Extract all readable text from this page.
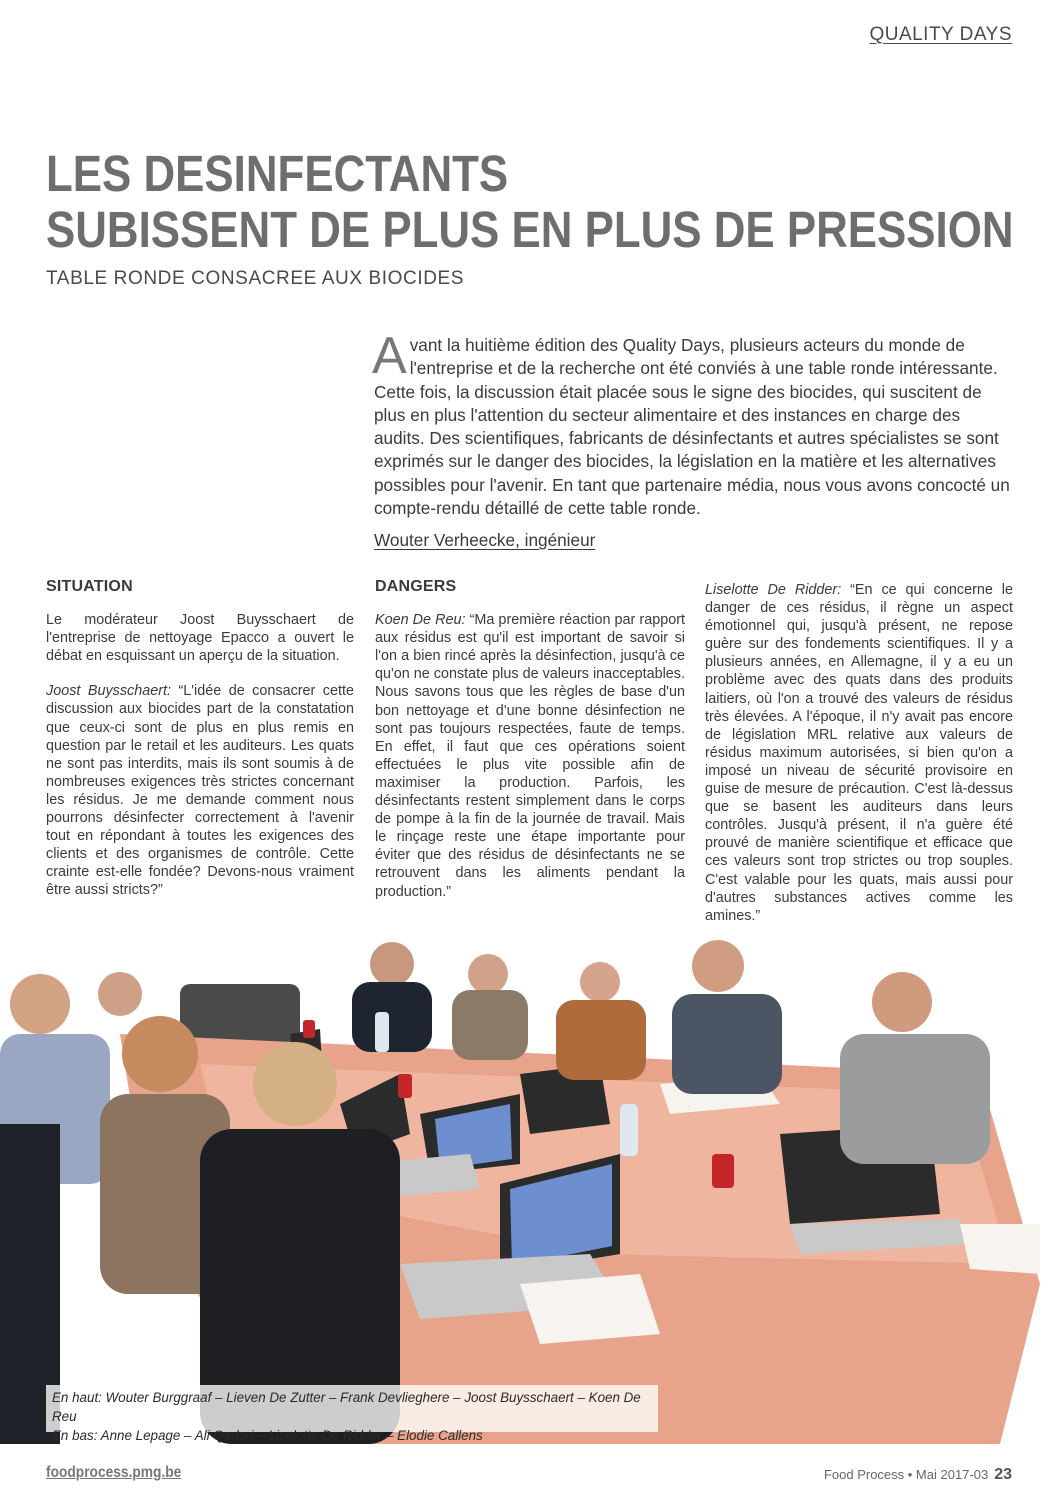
QUALITY DAYS
LES DESINFECTANTS
SUBISSENT DE PLUS EN PLUS DE PRESSION
TABLE RONDE CONSACREE AUX BIOCIDES
Avant la huitième édition des Quality Days, plusieurs acteurs du monde de l'entreprise et de la recherche ont été conviés à une table ronde intéressante. Cette fois, la discussion était placée sous le signe des biocides, qui suscitent de plus en plus l'attention du secteur alimentaire et des instances en charge des audits. Des scientifiques, fabricants de désinfectants et autres spécialistes se sont exprimés sur le danger des biocides, la législation en la matière et les alternatives possibles pour l'avenir. En tant que partenaire média, nous vous avons concocté un compte-rendu détaillé de cette table ronde.
Wouter Verheecke, ingénieur
SITUATION

Le modérateur Joost Buysschaert de l'entreprise de nettoyage Epacco a ouvert le débat en esquissant un aperçu de la situation.

Joost Buysschaert: “L'idée de consacrer cette discussion aux biocides part de la constatation que ceux-ci sont de plus en plus remis en question par le retail et les auditeurs. Les quats ne sont pas interdits, mais ils sont soumis à de nombreuses exigences très strictes concernant les résidus. Je me demande comment nous pourrons désinfecter correctement à l'avenir tout en répondant à toutes les exigences des clients et des organismes de contrôle. Cette crainte est-elle fondée? Devons-nous vraiment être aussi stricts?”

DANGERS

Koen De Reu: “Ma première réaction par rapport aux résidus est qu'il est important de savoir si l'on a bien rincé après la désinfection, jusqu'à ce qu'on ne constate plus de valeurs inacceptables. Nous savons tous que les règles de base d'un bon nettoyage et d'une bonne désinfection ne sont pas toujours respectées, faute de temps. En effet, il faut que ces opérations soient effectuées le plus vite possible afin de maximiser la production. Parfois, les désinfectants restent simplement dans le corps de pompe à la fin de la journée de travail. Mais le rinçage reste une étape importante pour éviter que des résidus de désinfectants ne se retrouvent dans les aliments pendant la production.”

Liselotte De Ridder: “En ce qui concerne le danger de ces résidus, il règne un aspect émotionnel qui, jusqu'à présent, ne repose guère sur des fondements scientifiques. Il y a plusieurs années, en Allemagne, il y a eu un problème avec des quats dans des produits laitiers, où l'on a trouvé des valeurs de résidus très élevées. A l'époque, il n'y avait pas encore de législation MRL relative aux valeurs de résidus maximum autorisées, si bien qu'on a imposé un niveau de sécurité provisoire en guise de mesure de précaution. C'est là-dessus que se basent les auditeurs dans leurs contrôles. Jusqu'à présent, il n'a guère été prouvé de manière scientifique et efficace que ces valeurs sont trop strictes ou trop souples. C'est valable pour les quats, mais aussi pour d'autres substances actives comme les amines.”

En haut: Wouter Burggraaf – Lieven De Zutter – Frank Devlieghere – Joost Buysschaert – Koen De Reu
En bas: Anne Lepage – Ali Qadari – Liselotte De Ridder – Elodie Callens
foodprocess.pmg.be	Food Process • Mai 2017-03 23
